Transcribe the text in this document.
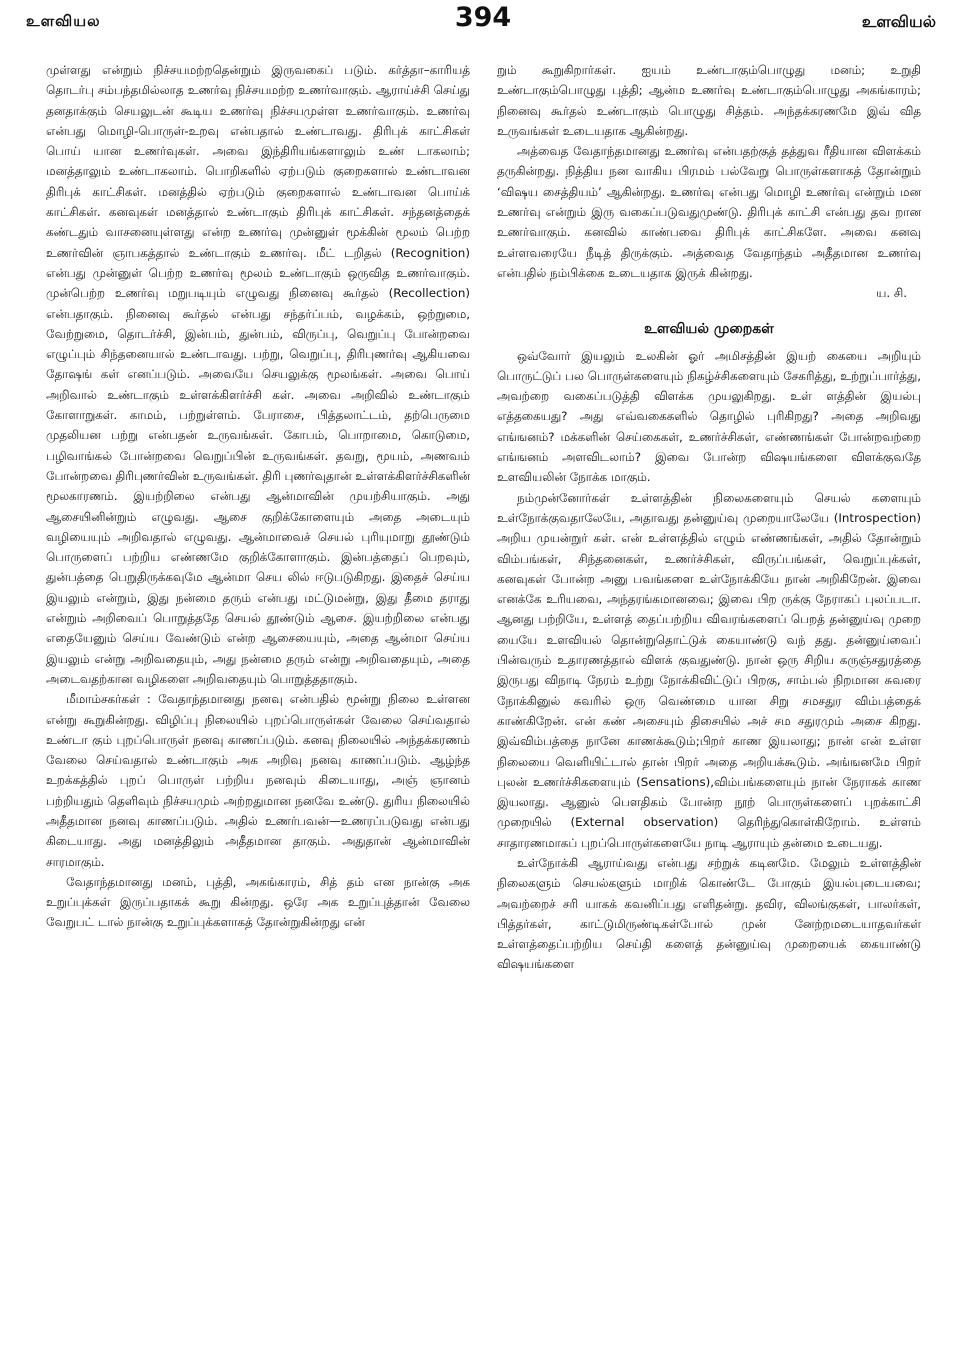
உளவியல	394	உளவியல்

முள்ளது என்றும் நிச்சயமற்றதென்றும் இருவகைப் படும். கர்த்தா–காரியத் தொடர்பு சம்பந்தமில்லாத உணர்வு நிச்சயமற்ற உணர்வாகும். ஆராய்ச்சி செய்து தனதாக்கும் செயலுடன் கூடிய உணர்வு நிச்சயமுள்ள உணர்வாகும். உணர்வு என்பது மொழி-பொருள்-உறவு என்பதால் உண்டாவது. திரிபுக் காட்சிகள் பொய் யான உணர்வுகள். அவை இந்திரியங்களாலும் உண் டாகலாம்; மனத்தாலும் உண்டாகலாம். பொறிகளில் ஏற்படும் குறைகளால் உண்டாவன திரிபுக் காட்சிகள். மனத்தில் ஏற்படும் குறைகளால் உண்டாவன பொய்க் காட்சிகள். கனவுகள் மனத்தால் உண்டாகும் திரிபுக் காட்சிகள். சந்தனத்தைக் கண்டதும் வாசனையுள்ளது என்ற உணர்வு முன்னுள் மூக்கின் மூலம் பெற்ற உணர்வின் ஞாபகத்தால் உண்டாகும் உணர்வு. மீட் டறிதல் (Recognition) என்பது முன்னுள் பெற்ற உணர்வு மூலம் உண்டாகும் ஒருவித உணர்வாகும். முன்பெற்ற உணர்வு மறுபடியும் எழுவது நினைவு கூர்தல் (Recollection) என்பதாகும். நினைவு கூர்தல் என்பது சந்தர்ப்பம், வழக்கம், ஒற்றுமை, வேற்றுமை, தொடர்ச்சி, இன்பம், துன்பம், விருப்பு, வெறுப்பு போன்றவை எழுப்பும் சிந்தனையால் உண்டாவது. பற்று, வெறுப்பு, திரிபுணர்வு ஆகியவை தோஷங் கள் எனப்படும். அவையே செயலுக்கு மூலங்கள். அவை பொய் அறிவால் உண்டாகும் உள்ளக்கிளர்ச்சி கள். அவை அறிவில் உண்டாகும் கோளாறுகள். காமம், பற்றுள்ளம். பேராசை, பித்தலாட்டம், தற்பெருமை முதலியன பற்று என்பதன் உருவங்கள். கோபம், பொறாமை, கொடுமை, பழிவாங்கல் போன்றவை வெறுப்பின் உருவங்கள். தவறு, மூயம், அணவம் போன்றவை திரிபுணர்வின் உருவங்கள். திரி புணர்வுதான் உள்ளக்கிளர்ச்சிகளின் மூலகாரணம். இயற்றிலை என்பது ஆன்மாவின் முயற்சியாகும். அது ஆசையினின்றும் எழுவது. ஆசை குறிக்கோளையும் அதை அடையும் வழியையும் அறிவதால் எழுவது. ஆன்மாவைச் செயல் புரியுமாறு தூண்டும் பொருளைப் பற்றிய எண்ணமே குறிக்கோளாகும். இன்பத்தைப் பெறவும், துன்பத்தை பெறுதிருக்கவுமே ஆன்மா செய லில் ஈடுபடுகிறது. இதைச் செய்ய இயலும் என்றும், இது நன்மை தரும் என்பது மட்டுமன்று, இது தீமை தராது என்றும் அறிவைப் பொறுத்ததே செயல் தூண்டும் ஆசை. இயற்றிலை என்பது எதையேனும் செய்ய வேண்டும் என்ற ஆசையையும், அதை ஆன்மா செய்ய இயலும் என்று அறிவதையும், அது நன்மை தரும் என்று அறிவதையும், அதை அடைவதற்கான வழிகளை அறிவதையும் பொறுத்ததாகும்.

மீமாம்சகர்கள் : வேதாந்தமானது நனவு என்பதில் மூன்று நிலை உள்ளன என்று கூறுகின்றது. விழிப்பு நிலையில் புறப்பொருள்கள் வேலை செய்வதால் உண்டா கும் புறப்பொருள் நனவு காணப்படும். கனவு நிலையில் அந்தக்கரணம் வேலை செய்வதால் உண்டாகும் அக அறிவு நனவு காணப்படும். ஆழ்ந்த உறக்கத்தில் புறப் பொருள் பற்றிய நனவும் கிடையாது, அஞ் ஞானம் பற்றியதும் தெளிவும் நிச்சயமும் அற்றதுமான நனவே உண்டு. துரிய நிலையில் அதீதமான நனவு காணப்படும். அதில் உணர்பவன்—உணரப்படுவது என்பது கிடையாது. அது மனத்திலும் அதீதமான தாகும். அதுதான் ஆன்மாவின் சாரமாகும்.

வேதாந்தமானது மனம், புத்தி, அகங்காரம், சித் தம் என நான்கு அக உறுப்புக்கள் இருப்பதாகக் கூறு கின்றது. ஒரே அக உறுப்புத்தான் வேலை வேறுபட் டால் நான்கு உறுப்புக்களாகத் தோன்றுகின்றது என்

றும் கூறுகிறார்கள். ஐயம் உண்டாகும்பொழுது மனம்; உறுதி உண்டாகும்பொழுது புத்தி; ஆன்ம உணர்வு உண்டாகும்பொழுது அகங்காரம்; நினைவு கூர்தல் உண்டாகும் பொழுது சித்தம். அந்தக்கரணமே இவ் வித உருவங்கள் உடையதாக ஆகின்றது.

அத்வைத வேதாந்தமானது உணர்வு என்பதற்குத் தத்துவ ரீதியான விளக்கம் தருகின்றது. நித்திய நன வாகிய பிரமம் பல்வேறு பொருள்களாகத் தோன்றும் ‘விஷய சைத்தியம்’ ஆகின்றது. உணர்வு என்பது மொழி உணர்வு என்றும் மன உணர்வு என்றும் இரு வகைப்படுவதுமுண்டு. திரிபுக் காட்சி என்பது தவ றான உணர்வாகும். கனவில் காண்பவை திரிபுக் காட்சிகளே. அவை கனவு உள்ளவரையே நீடித் திருக்கும். அத்வைத வேதாந்தம் அதீதமான உணர்வு என்பதில் நம்பிக்கை உடையதாக இருக் கின்றது.

ய. சி.
உளவியல் முறைகள்

ஒவ்வோர் இயலும் உலகின் ஓர் அமிசத்தின் இயற் கையை அறியும் பொருட்டுப் பல பொருள்களையும் நிகழ்ச்சிகளையும் சேகரித்து, உற்றுப்பார்த்து, அவற்றை வகைப்படுத்தி விளக்க முயலுகிறது. உள் ளத்தின் இயல்பு எத்தகையது? அது எவ்வகைகளில் தொழில் புரிகிறது? அதை அறிவது எங்ஙனம்? மக்களின் செய்கைகள், உணர்ச்சிகள், எண்ணங்கள் போன்றவற்றை எங்ஙனம் அளவிடலாம்? இவை போன்ற விஷயங்களை விளக்குவதே உளவியலின் நோக்க மாகும்.

நம்முன்னோர்கள் உள்ளத்தின் நிலைகளையும் செயல் களையும் உள்நோக்குவதாலேயே, அதாவது தன்னுய்வு முறையாலேயே (Introspection) அறிய முயன்றுர் கள். என் உள்ளத்தில் எழும் எண்ணங்கள், அதில் தோன்றும் விம்பங்கள், சிந்தனைகள், உணர்ச்சிகள், விருப்பங்கள், வெறுப்புக்கள், கனவுகள் போன்ற அனு பவங்களை உள்நோக்கியே நான் அறிகிறேன். இவை எனக்கே உரியவை, அந்தரங்கமானவை; இவை பிற ருக்கு நேராகப் புலப்படா. ஆனது பற்றியே, உள்ளத் தைப்பற்றிய விவரங்களைப் பெறத் தன்னுய்வு முறை யையே உளவியல் தொன்றுதொட்டுக் கையாண்டு வந் தது. தன்னுய்வைப் பின்வரும் உதாரணத்தால் விளக் குவதுண்டு. நான் ஒரு சிறிய கருஞ்சதுரத்தை இருபது விநாடி நேரம் உற்று நோக்கிவிட்டுப் பிறகு, சாம்பல் நிறமான சுவரை நோக்கினுல் சுவரில் ஒரு வெண்மை யான சிறு சமசதுர விம்பத்தைக் காண்கிறேன். என் கண் அசையும் திசையில் அச் சம சதுரமும் அசை கிறது. இவ்விம்பத்தை நானே காணக்கூடும்;பிறர் காண இயலாது; நான் என் உள்ள நிலையை வெளியிட்டால் தான் பிறர் அதை அறியக்கூடும். அங்ஙனமே பிறர் புலன் உணர்ச்சிகளையும் (Sensations),விம்பங்களையும் நான் நேராகக் காண இயலாது. ஆனுல் பௌதிகம் போன்ற நூற் பொருள்களைப் புறக்காட்சி முறையில் (External observation) தெரிந்துகொள்கிறோம். உள்ளம் சாதாரணமாகப் புறப்பொருள்களையே நாடி ஆராயும் தன்மை உடையது.

உள்நோக்கி ஆராய்வது என்பது சற்றுக் கடினமே. மேலும் உள்ளத்தின் நிலைகளும் செயல்களும் மாறிக் கொண்டே போகும் இயல்புடையவை; அவற்றைச் சரி யாகக் கவனிப்பது எளிதன்று. தவிர, விலங்குகள், பாலர்கள், பித்தர்கள், காட்டுமிருண்டிகள்போல் முன் னேற்றமடையாதவர்கள் உள்ளத்தைப்பற்றிய செய்தி களைத் தன்னுய்வு முறையைக் கையாண்டு விஷயங்களை
